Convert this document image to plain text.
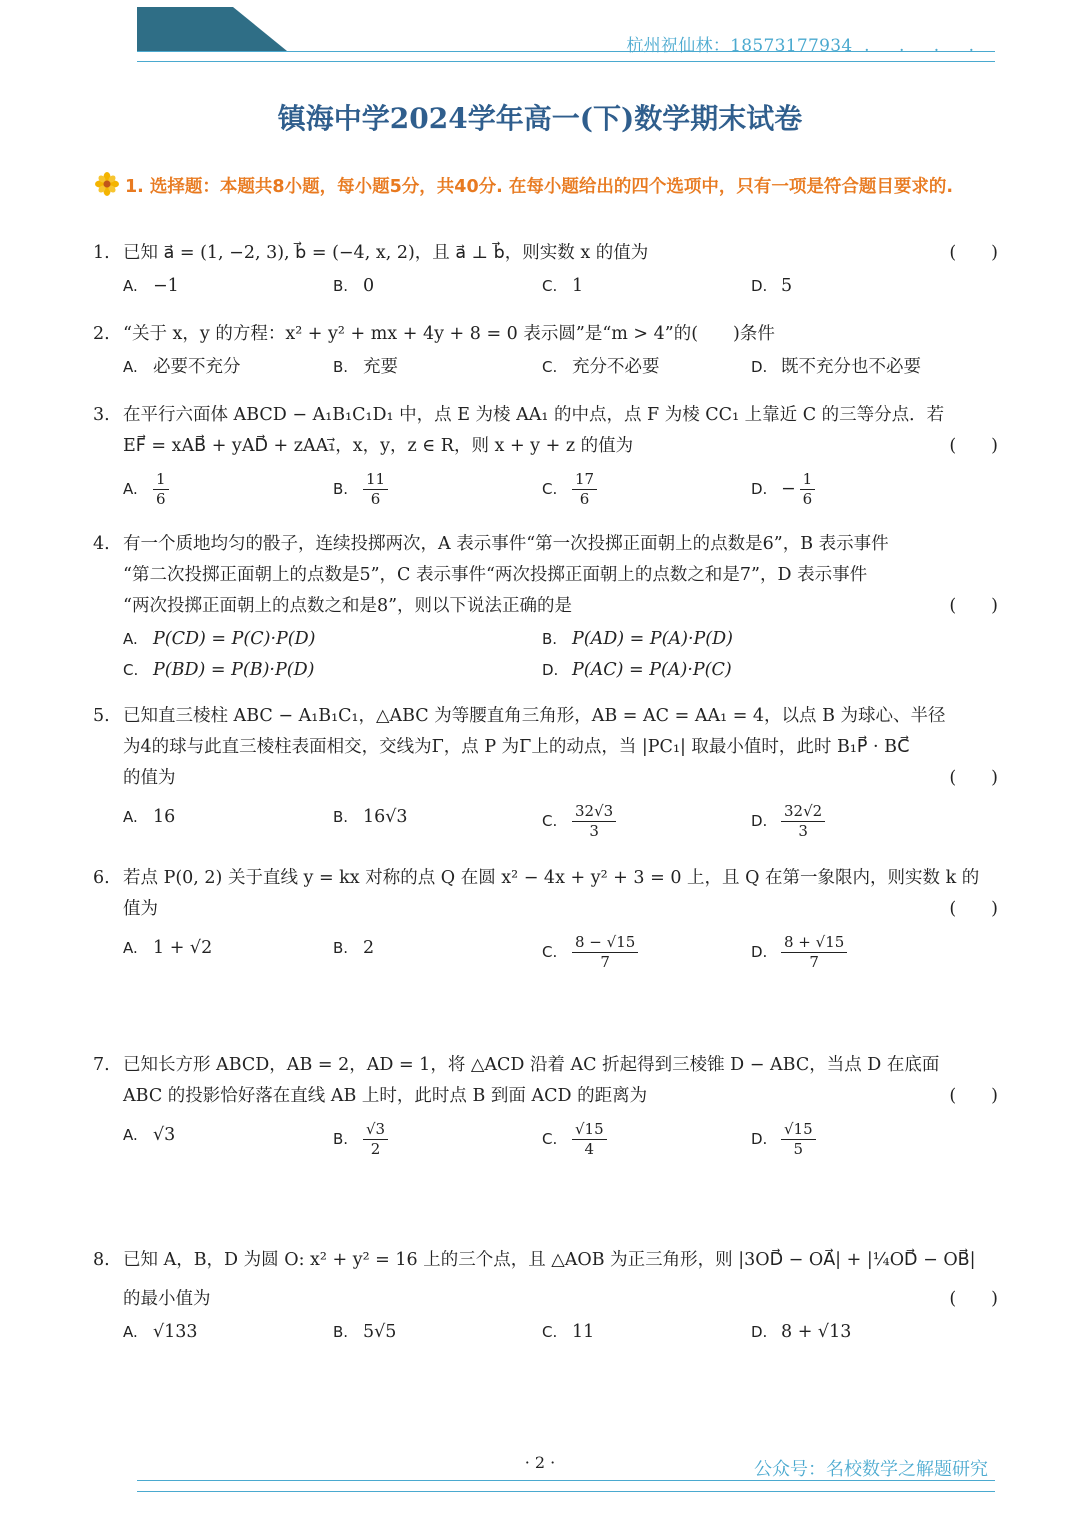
杭州祝仙林：18573177934 . . . .
镇海中学2024学年高一(下)数学期末试卷
1. 选择题：本题共8小题，每小题5分，共40分. 在每小题给出的四个选项中，只有一项是符合题目要求的.
1. 已知 a⃗ = (1, −2, 3), b⃗ = (−4, x, 2)，且 a⃗ ⊥ b⃗，则实数 x 的值为	(　　)
A. −1	B. 0	C. 1	D. 5
2. “关于 x，y 的方程：x² + y² + mx + 4y + 8 = 0 表示圆”是“m > 4”的(　　)条件
A. 必要不充分	B. 充要	C. 充分不必要	D. 既不充分也不必要
3. 在平行六面体 ABCD − A₁B₁C₁D₁ 中，点 E 为棱 AA₁ 的中点，点 F 为棱 CC₁ 上靠近 C 的三等分点．若
EF⃗ = xAB⃗ + yAD⃗ + zAA₁⃗，x，y，z ∈ R，则 x + y + z 的值为	(　　)
A. $\frac{1}{6}$	B. $\frac{11}{6}$	C. $\frac{17}{6}$	D. − $\frac{1}{6}$
4. 有一个质地均匀的骰子，连续投掷两次，A 表示事件“第一次投掷正面朝上的点数是6”，B 表示事件
“第二次投掷正面朝上的点数是5”，C 表示事件“两次投掷正面朝上的点数之和是7”，D 表示事件
“两次投掷正面朝上的点数之和是8”，则以下说法正确的是	(　　)
A. P(CD) = P(C)·P(D)	B. P(AD) = P(A)·P(D)
C. P(BD) = P(B)·P(D)	D. P(AC) = P(A)·P(C)
5. 已知直三棱柱 ABC − A₁B₁C₁，△ABC 为等腰直角三角形，AB = AC = AA₁ = 4，以点 B 为球心、半径
为4的球与此直三棱柱表面相交，交线为Γ，点 P 为Γ上的动点，当 |PC₁| 取最小值时，此时 B₁P⃗ · BC⃗
的值为	(　　)
A. 16	B. 16√3	C. $\frac{32√3}{3}$	D. $\frac{32√2}{3}$
6. 若点 P(0, 2) 关于直线 y = kx 对称的点 Q 在圆 x² − 4x + y² + 3 = 0 上，且 Q 在第一象限内，则实数 k 的
值为	(　　)
A. 1 + √2	B. 2	C. $\frac{8 - √15}{7}$	D. $\frac{8 + √15}{7}$
7. 已知长方形 ABCD，AB = 2，AD = 1，将 △ACD 沿着 AC 折起得到三棱锥 D − ABC，当点 D 在底面
ABC 的投影恰好落在直线 AB 上时，此时点 B 到面 ACD 的距离为	(　　)
A. √3	B. $\frac{√3}{2}$	C. $\frac{√15}{4}$	D. $\frac{√15}{5}$
8. 已知 A，B，D 为圆 O: x² + y² = 16 上的三个点，且 △AOB 为正三角形，则 |3OD⃗ − OA⃗| + |¼OD⃗ − OB⃗|
的最小值为	(　　)
A. √133	B. 5√5	C. 11	D. 8 + √13
· 2 ·	公众号：名校数学之解题研究
